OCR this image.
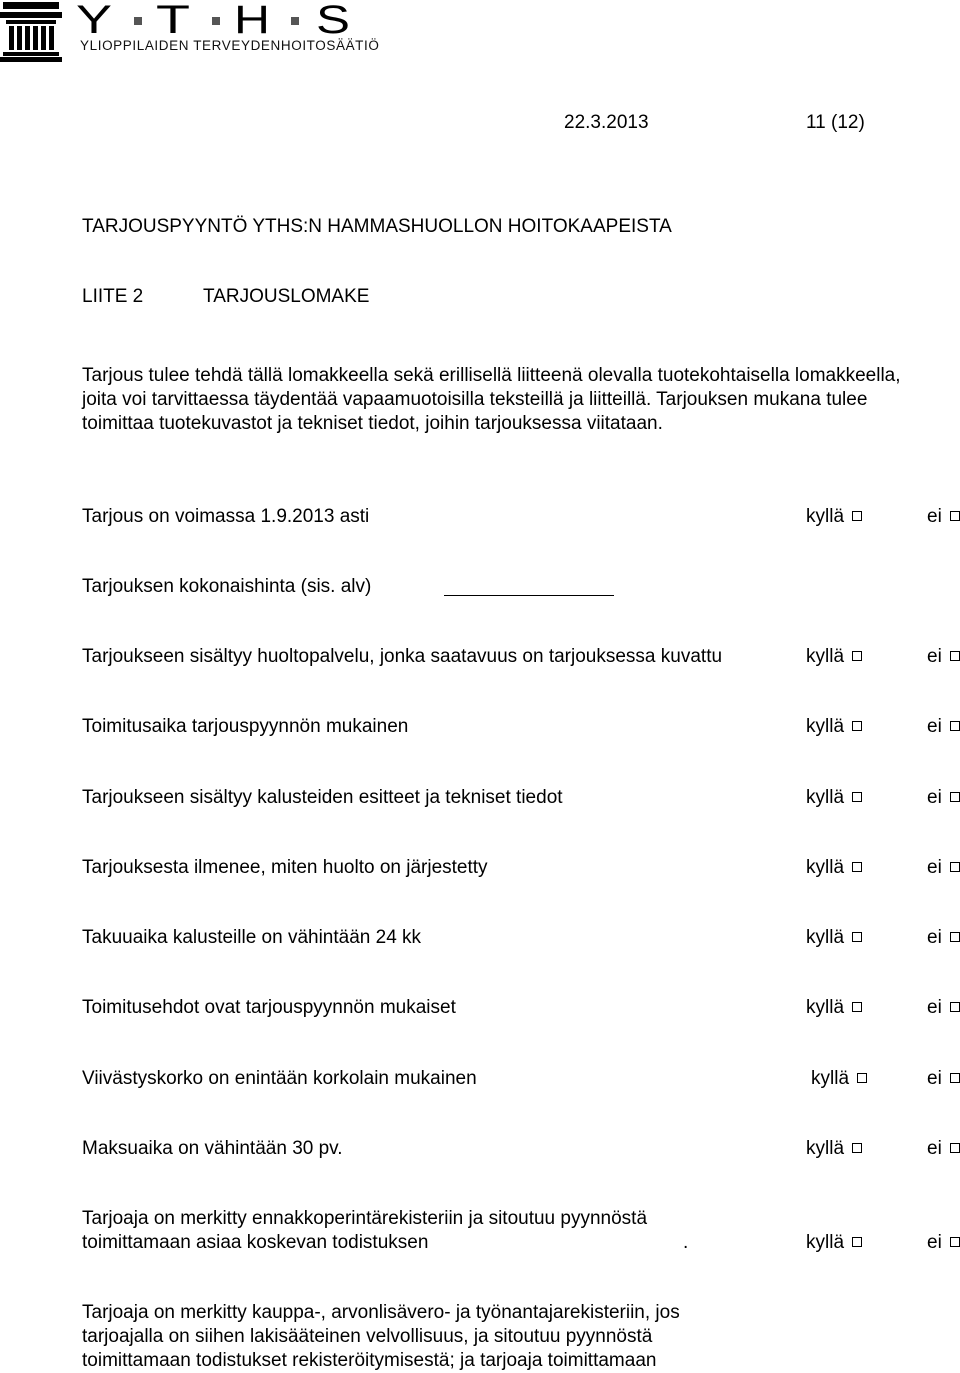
Y T H S
YLIOPPILAIDEN TERVEYDENHOITOSÄÄTIÖ
22.3.2013	11 (12)
TARJOUSPYYNTÖ YTHS:N HAMMASHUOLLON HOITOKAAPEISTA
LIITE 2	TARJOUSLOMAKE
Tarjous tulee tehdä tällä lomakkeella sekä erillisellä liitteenä olevalla tuotekohtaisella lomakkeella,
joita voi tarvittaessa täydentää vapaamuotoisilla teksteillä ja liitteillä. Tarjouksen mukana tulee
toimittaa tuotekuvastot ja tekniset tiedot, joihin tarjouksessa viitataan.
Tarjous on voimassa 1.9.2013 asti	kyllä	ei
Tarjouksen kokonaishinta (sis. alv)
Tarjoukseen sisältyy huoltopalvelu, jonka saatavuus on tarjouksessa kuvattu	kyllä	ei
Toimitusaika tarjouspyynnön mukainen	kyllä	ei
Tarjoukseen sisältyy kalusteiden esitteet ja tekniset tiedot	kyllä	ei
Tarjouksesta ilmenee, miten huolto on järjestetty	kyllä	ei
Takuuaika kalusteille on vähintään 24 kk	kyllä	ei
Toimitusehdot ovat tarjouspyynnön mukaiset	kyllä	ei
Viivästyskorko on enintään korkolain mukainen	kyllä	ei
Maksuaika on vähintään 30 pv.	kyllä	ei
Tarjoaja on merkitty ennakkoperintärekisteriin ja sitoutuu pyynnöstä
toimittamaan asiaa koskevan todistuksen	.	kyllä	ei
Tarjoaja on merkitty kauppa-, arvonlisävero- ja työnantajarekisteriin, jos
tarjoajalla on siihen lakisääteinen velvollisuus, ja sitoutuu pyynnöstä
toimittamaan todistukset rekisteröitymisestä; ja tarjoaja toimittamaan
